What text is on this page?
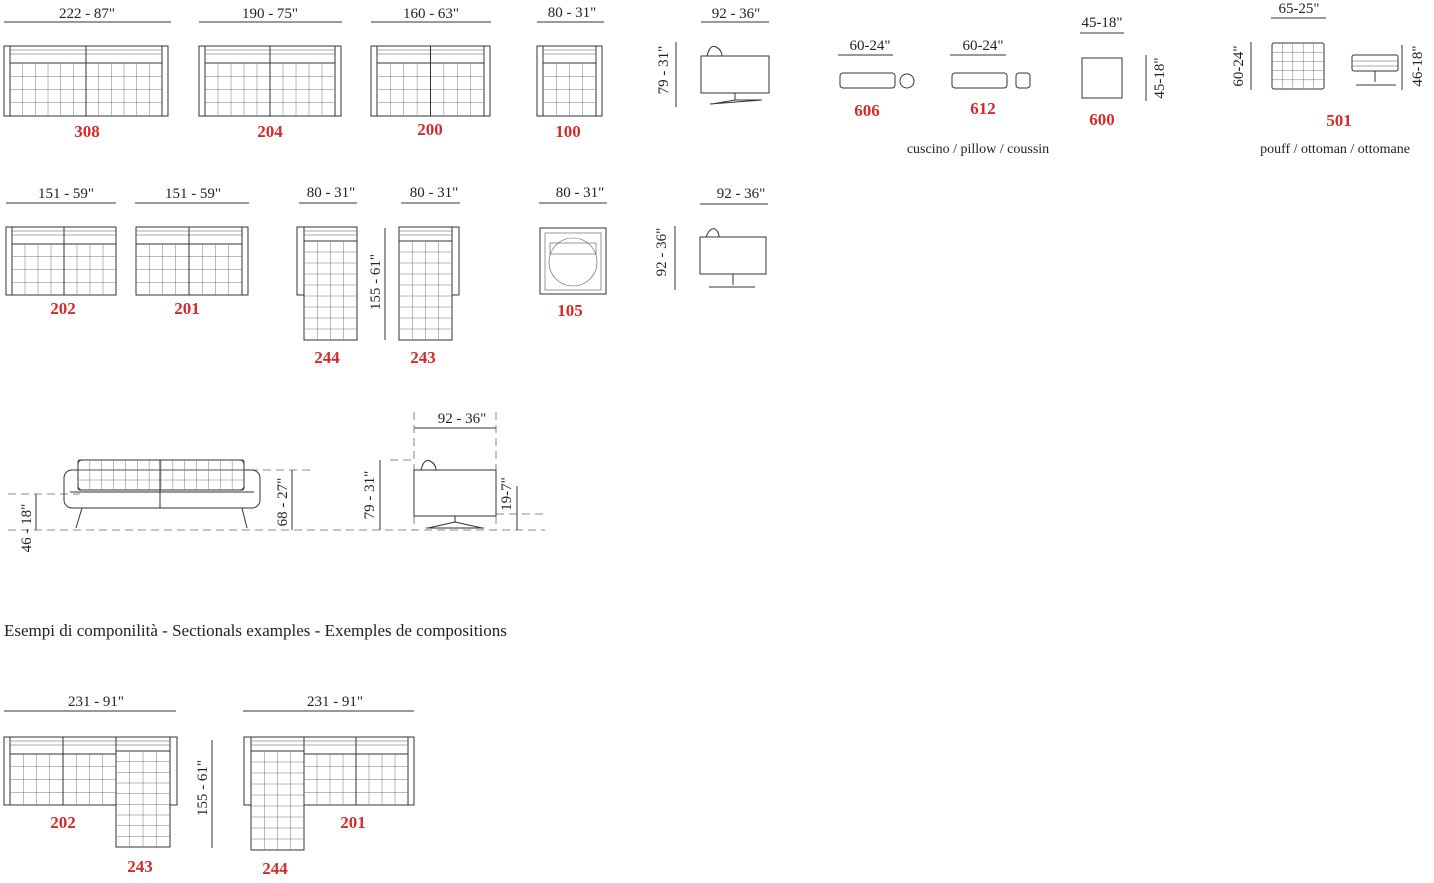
222 - 87"
308
190 - 75"
204
160 - 63"
200
80 - 31"
100
92 - 36"
79 - 31"	60-24"
606
60-24"
612
45-18"
45-18"
600
cuscino / pillow / coussin
65-25"
60-24"	46-18"
501
pouff / ottoman / ottomane
151 - 59"
202
151 - 59"
201
80 - 31"
244
155 - 61"
80 - 31"
243
80 - 31"
105
92 - 36"
92 - 36"
46 - 18"
68 - 27"	79 - 31"
92 - 36"
19-7"
Esempi di componilità - Sectionals examples - Exemples de compositions
231 - 91"
155 - 61"
202
243
231 - 91"
201
244
